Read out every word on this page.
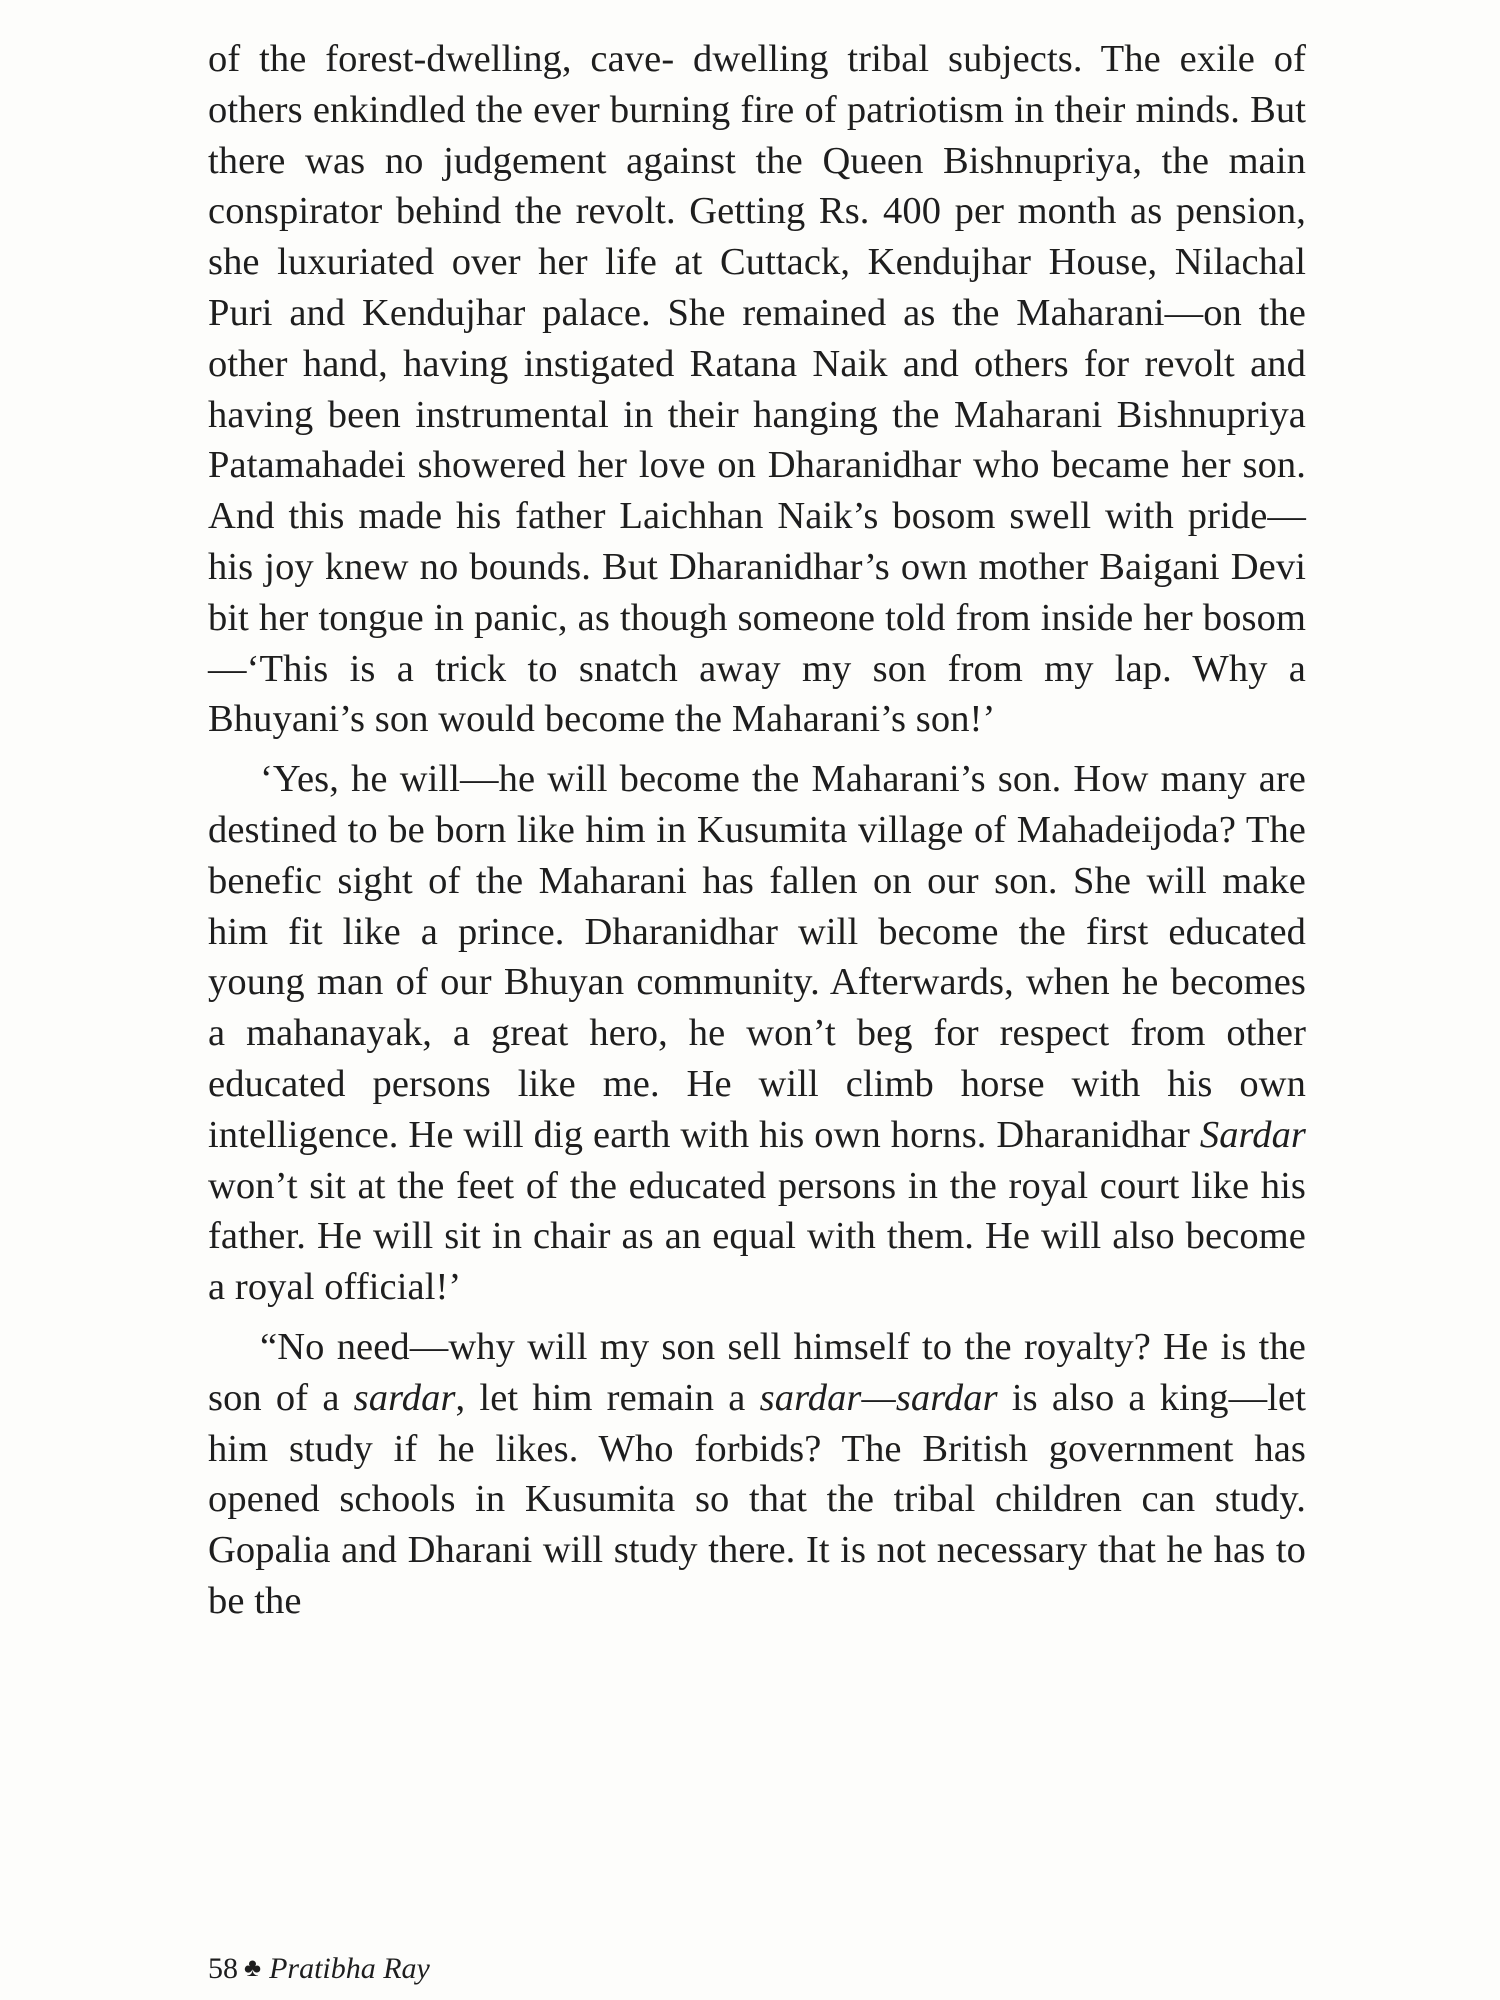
of the forest-dwelling, cave- dwelling tribal subjects. The exile of others enkindled the ever burning fire of patriotism in their minds. But there was no judgement against the Queen Bishnupriya, the main conspirator behind the revolt. Getting Rs. 400 per month as pension, she luxuriated over her life at Cuttack, Kendujhar House, Nilachal Puri and Kendujhar palace. She remained as the Maharani—on the other hand, having instigated Ratana Naik and others for revolt and having been instrumental in their hanging the Maharani Bishnupriya Patamahadei showered her love on Dharanidhar who became her son. And this made his father Laichhan Naik’s bosom swell with pride—his joy knew no bounds. But Dharanidhar’s own mother Baigani Devi bit her tongue in panic, as though someone told from inside her bosom—‘This is a trick to snatch away my son from my lap. Why a Bhuyani’s son would become the Maharani’s son!’

‘Yes, he will—he will become the Maharani’s son. How many are destined to be born like him in Kusumita village of Mahadeijoda? The benefic sight of the Maharani has fallen on our son. She will make him fit like a prince. Dharanidhar will become the first educated young man of our Bhuyan community. Afterwards, when he becomes a mahanayak, a great hero, he won’t beg for respect from other educated persons like me. He will climb horse with his own intelligence. He will dig earth with his own horns. Dharanidhar Sardar won’t sit at the feet of the educated persons in the royal court like his father. He will sit in chair as an equal with them. He will also become a royal official!’

“No need—why will my son sell himself to the royalty? He is the son of a sardar, let him remain a sardar—sardar is also a king—let him study if he likes. Who forbids? The British government has opened schools in Kusumita so that the tribal children can study. Gopalia and Dharani will study there. It is not necessary that he has to be the

58 ♣ Pratibha Ray
